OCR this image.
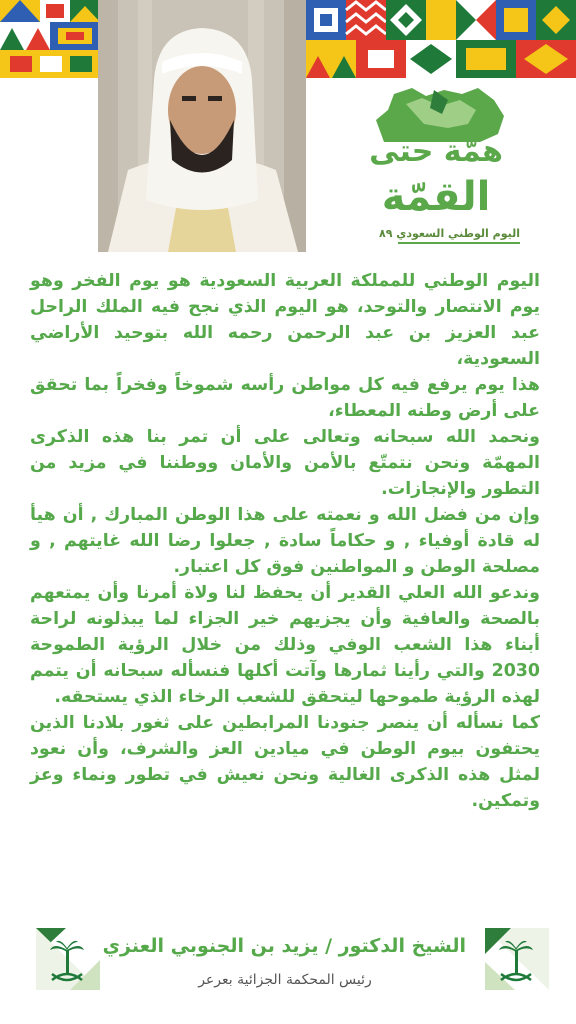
همّة حتى
القمّة
اليوم الوطني السعودي ٨٩

اليوم الوطني للمملكة العربية السعودية هو يوم الفخر وهو يوم الانتصار والتوحد، هو اليوم الذي نجح فيه الملك الراحل عبد العزيز بن عبد الرحمن رحمه الله بتوحيد الأراضي السعودية،

هذا يوم يرفع فيه كل مواطن رأسه شموخاً وفخراً بما تحقق على أرض وطنه المعطاء،

ونحمد الله سبحانه وتعالى على أن تمر بنا هذه الذكرى المهمّة ونحن نتمتّع بالأمن والأمان ووطننا في مزيد من التطور والإنجازات.

وإن من فضل الله و نعمته على هذا الوطن المبارك , أن هيأ له قادة أوفياء , و حكاماً سادة , جعلوا رضا الله غايتهم , و مصلحة الوطن و المواطنين فوق كل اعتبار.

وندعو الله العلي القدير أن يحفظ لنا ولاة أمرنا وأن يمتعهم بالصحة والعافية وأن يجزيهم خير الجزاء لما يبذلونه لراحة أبناء هذا الشعب الوفي وذلك من خلال الرؤية الطموحة 2030 والتي رأينا ثمارها وآتت أكلها فنسأله سبحانه أن يتمم لهذه الرؤية طموحها ليتحقق للشعب الرخاء الذي يستحقه.

كما نسأله أن ينصر جنودنا المرابطين على ثغور بلادنا الذين يحتفون بيوم الوطن في ميادين العز والشرف، وأن نعود لمثل هذه الذكرى الغالية ونحن نعيش في تطور ونماء وعز وتمكين.

الشيخ الدكتور / يزيد بن الجنوبي العنزي
رئيس المحكمة الجزائية بعرعر
